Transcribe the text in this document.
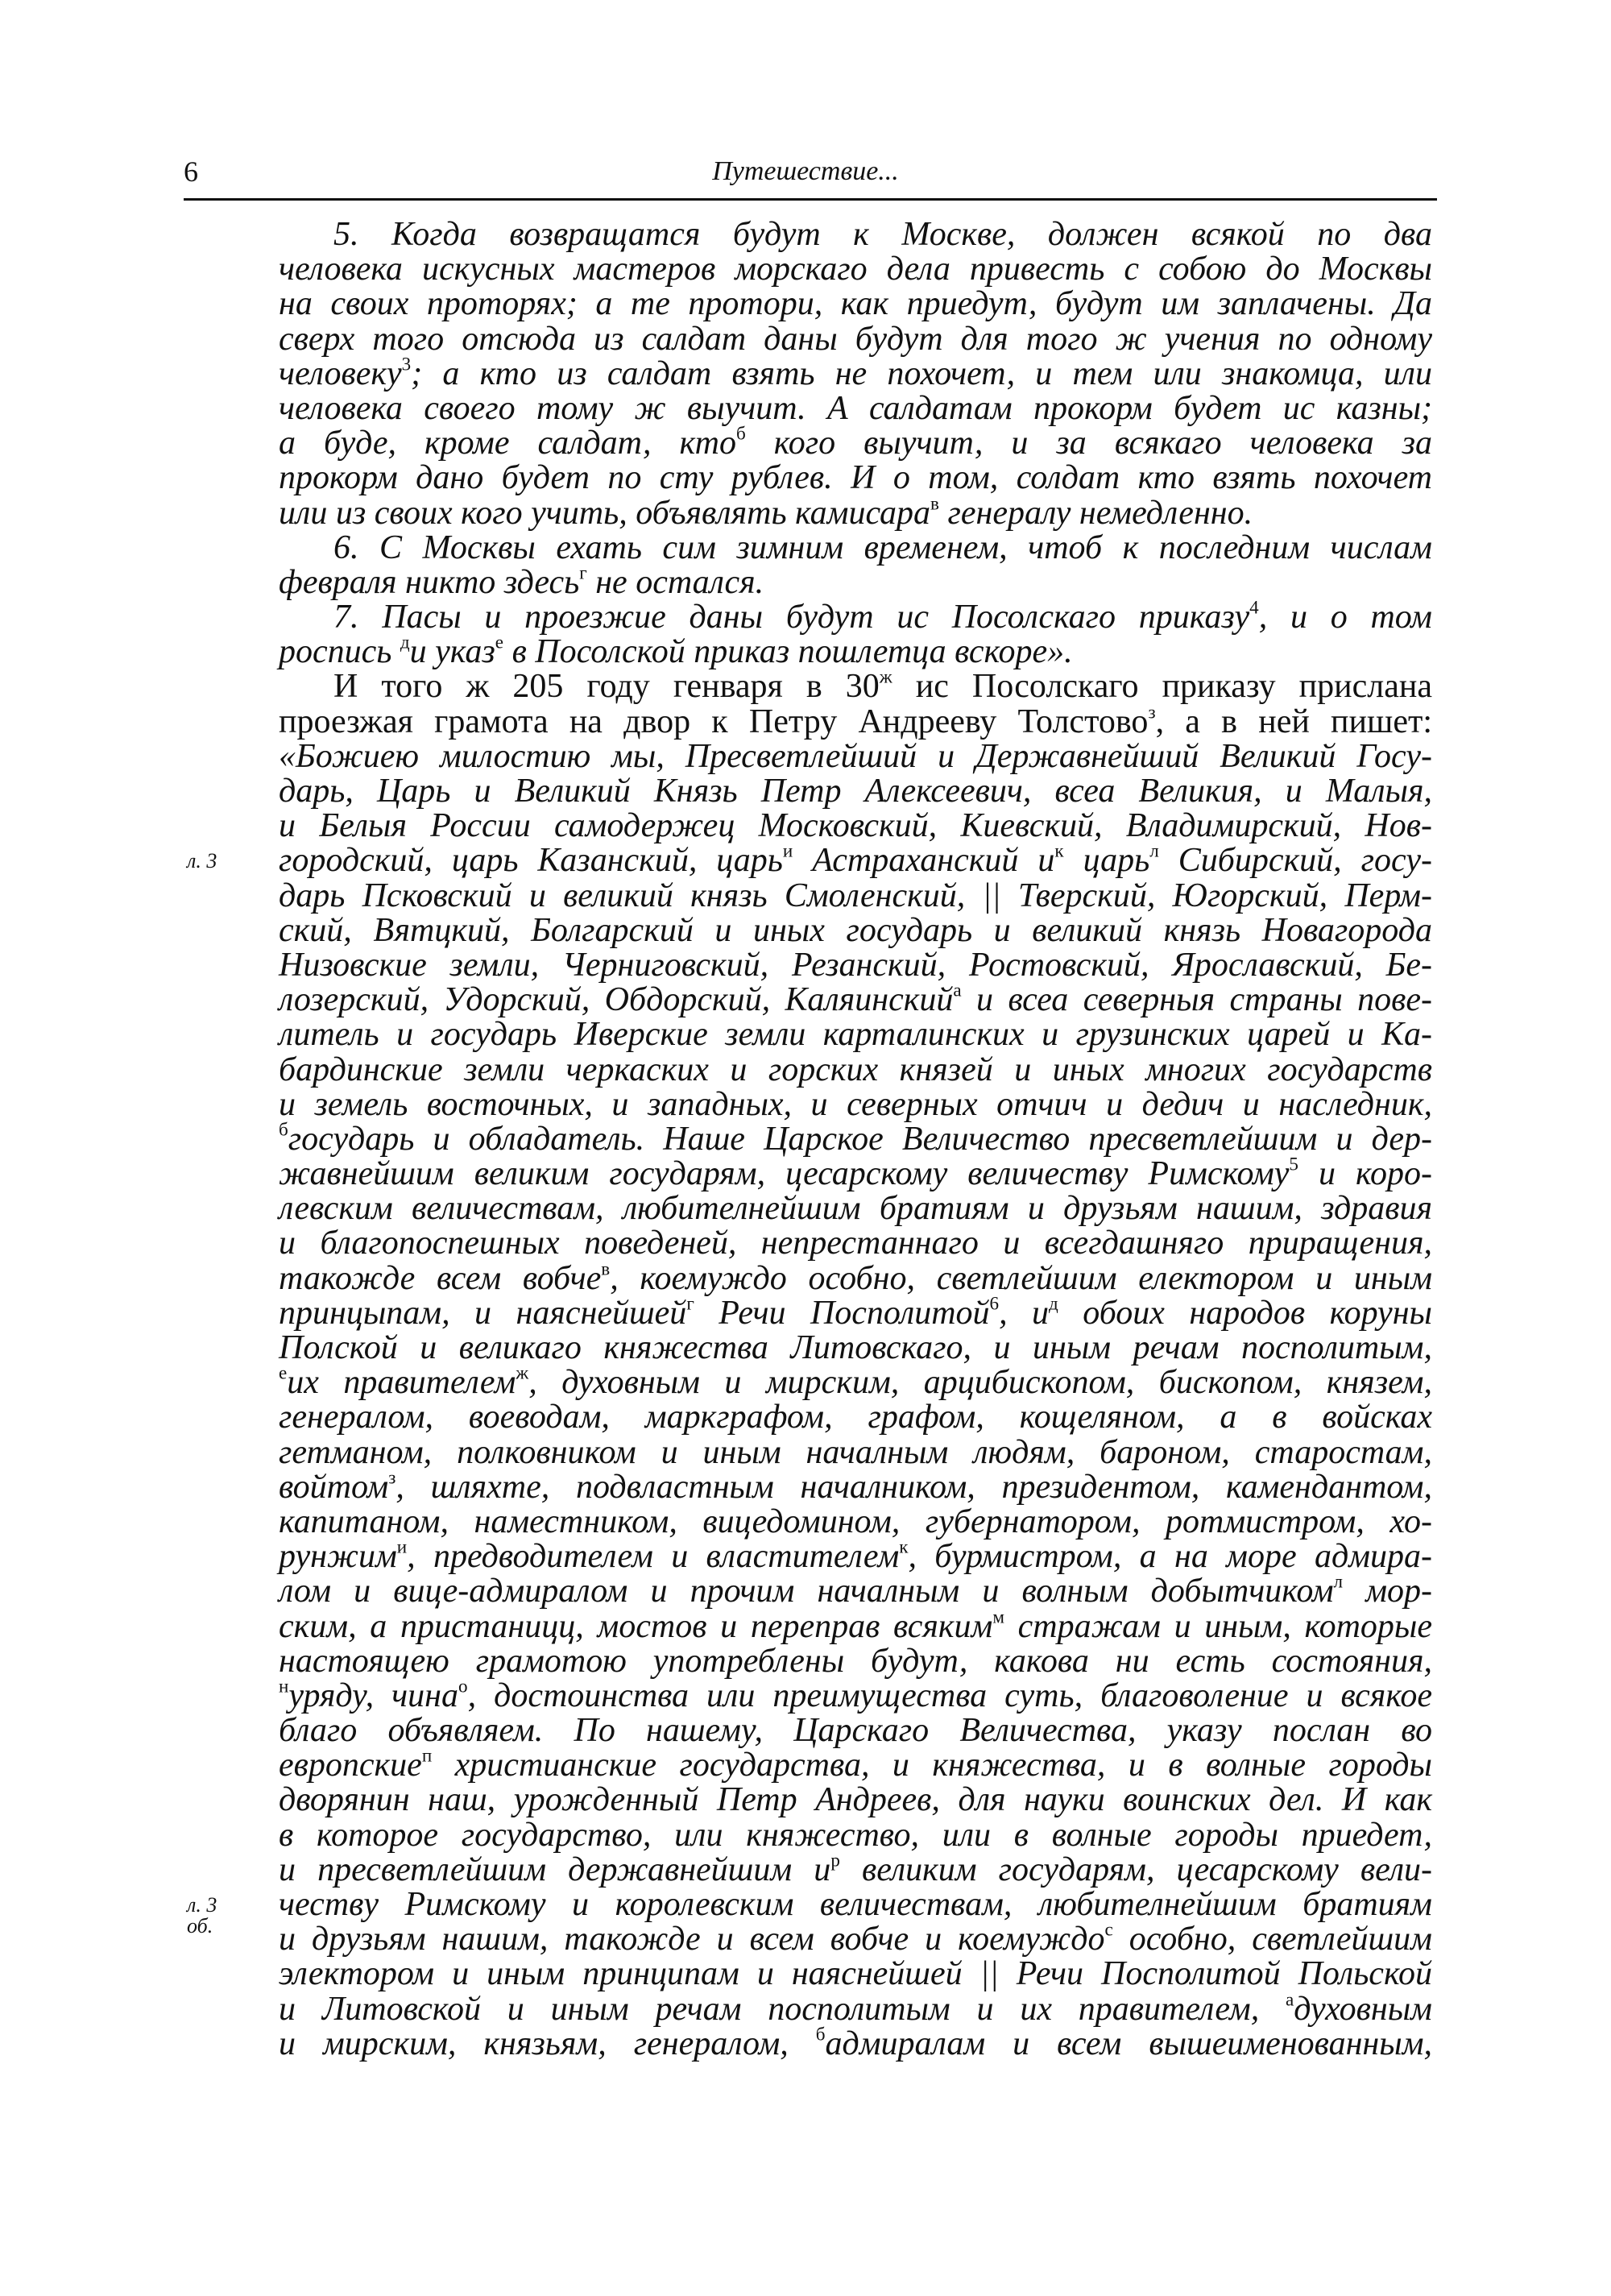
6	Путешествие...
5. Когда возвращатся будут к Москве, должен всякой по два
человека искусных мастеров морскаго дела привесть с собою до Москвы
на своих проторях; а те протори, как приедут, будут им заплачены. Да
сверх того отсюда из салдат даны будут для того ж учения по одному
человеку$^3$; а кто из салдат взять не похочет, и тем или знакомца, или
человека своего тому ж выучит. А салдатам прокорм будет ис казны;
а буде, кроме салдат, кто$^б$ кого выучит, и за всякаго человека за
прокорм дано будет по сту рублев. И о том, солдат кто взять похочет
или из своих кого учить, объявлять камисара$^в$ генералу немедленно.
6. С Москвы ехать сим зимним временем, чтоб к последним числам
февраля никто здесь$^г$ не остался.
7. Пасы и проезжие даны будут ис Посолскаго приказу$^4$, и о том
роспись $^д$и указ$^е$ в Посолской приказ пошлетца вскоре».
И того ж 205 году генваря в $30^ж$ ис Посолскаго приказу прислана
проезжая грамота на двор к Петру Андрееву Толстово$^з$, а в ней пишет:
«Божиею милостию мы, Пресветлейший и Державнейший Великий Госу-
дарь, Царь и Великий Князь Петр Алексеевич, всеа Великия, и Малыя,
и Белыя России самодержец Московский, Киевский, Владимирский, Нов-
городский, царь Казанский, царь$^и$ Астраханский $и^к$ царь$^л$ Сибирский, госу-
дарь Псковский и великий князь Смоленский, || Тверский, Югорский, Перм-
ский, Вятцкий, Болгарский и иных государь и великий князь Новагорода
Низовские земли, Черниговский, Резанский, Ростовский, Ярославский, Бе-
лозерский, Удорский, Обдорский, Каляинский$^а$ и всеа северныя страны пове-
литель и государь Иверские земли карталинских и грузинских царей и Ка-
бардинские земли черкаских и горских князей и иных многих государств
и земель восточных, и западных, и северных отчич и дедич и наследник,
$^б$государь и обладатель. Наше Царское Величество пресветлейшим и дер-
жавнейшим великим государям, цесарскому величеству Римскому$^5$ и коро-
левским величествам, любителнейшим братиям и друзьям нашим, здравия
и благопоспешных поведеней, непрестаннаго и всегдашняго приращения,
такожде всем вобче$^в$, коемуждо особно, светлейшим електором и иным
принцыпам, и наяснейшей$^г$ Речи Посполитой$^6$, $и^д$ обоих народов коруны
Полской и великаго княжества Литовскаго, и иным речам посполитым,
$^е$их правителем$^ж$, духовным и мирским, арцибископом, бископом, князем,
генералом, воеводам, маркграфом, графом, кощеляном, а в войсках
гетманом, полковником и иным началным людям, бароном, старостам,
войтом$^з$, шляхте, подвластным началником, президентом, камендантом,
капитаном, наместником, вицедомином, губернатором, ротмистром, хо-
рунжим$^и$, предводителем и властителем$^к$, бурмистром, а на море адмира-
лом и вице-адмиралом и прочим началным и волным добытчиком$^л$ мор-
ским, а пристаницц, мостов и переправ всяким$^м$ стражам и иным, которые
настоящею грамотою употреблены будут, какова ни есть состояния,
$^н$уряду, чина$^о$, достоинства или преимущества суть, благоволение и всякое
благо объявляем. По нашему, Царскаго Величества, указу послан во
европские$^п$ христианские государства, и княжества, и в волные городы
дворянин наш, урожденный Петр Андреев, для науки воинских дел. И как
в которое государство, или княжество, или в волные городы приедет,
и пресветлейшим державнейшим $и^р$ великим государям, цесарскому вели-
честву Римскому и королевским величествам, любителнейшим братиям
и друзьям нашим, такожде и всем вобче и коемуждо$^с$ особно, светлейшим
электором и иным принципам и наяснейшей || Речи Посполитой Польской
и Литовской и иным речам посполитым и их правителем, $^а$духовным
и мирским, князьям, генералом, $^б$адмиралам и всем вышеименованным,
л. 3
л. 3
об.
